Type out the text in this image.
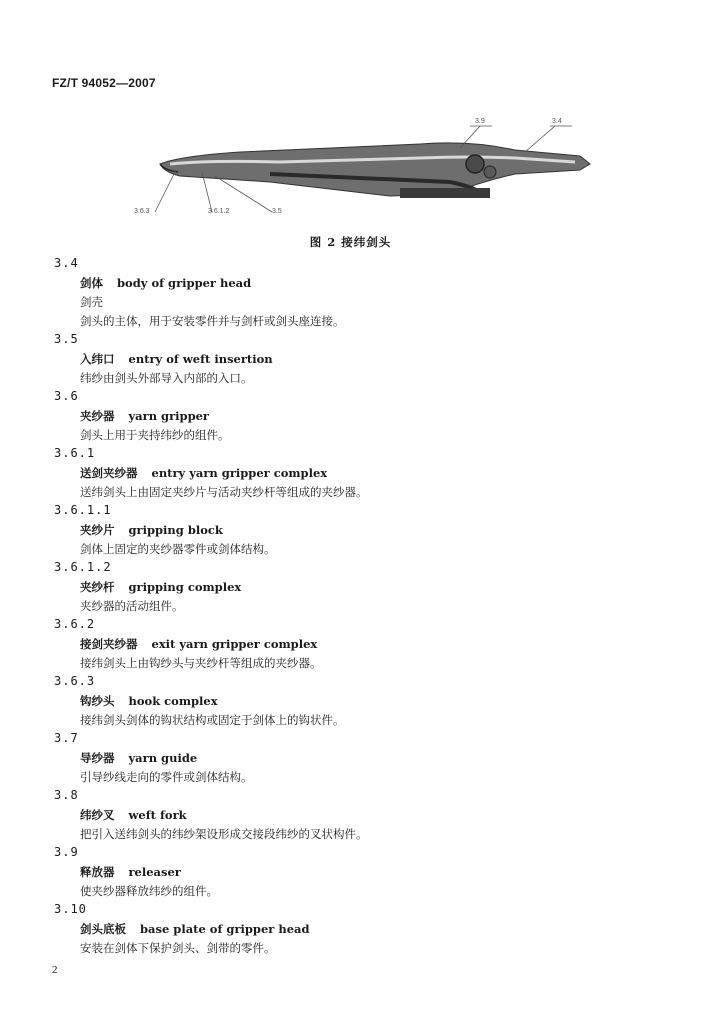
FZ/T 94052—2007
3.9	3.4
3.6.3	3.6.1.2	3.5
图 2 接纬剑头
3.4
剑体 body of gripper head
剑壳
剑头的主体，用于安装零件并与剑杆或剑头座连接。
3.5
入纬口 entry of weft insertion
纬纱由剑头外部导入内部的入口。
3.6
夹纱器 yarn gripper
剑头上用于夹持纬纱的组件。
3.6.1
送剑夹纱器 entry yarn gripper complex
送纬剑头上由固定夹纱片与活动夹纱杆等组成的夹纱器。
3.6.1.1
夹纱片 gripping block
剑体上固定的夹纱器零件或剑体结构。
3.6.1.2
夹纱杆 gripping complex
夹纱器的活动组件。
3.6.2
接剑夹纱器 exit yarn gripper complex
接纬剑头上由钩纱头与夹纱杆等组成的夹纱器。
3.6.3
钩纱头 hook complex
接纬剑头剑体的钩状结构或固定于剑体上的钩状件。
3.7
导纱器 yarn guide
引导纱线走向的零件或剑体结构。
3.8
纬纱叉 weft fork
把引入送纬剑头的纬纱架设形成交接段纬纱的叉状构件。
3.9
释放器 releaser
使夹纱器释放纬纱的组件。
3.10
剑头底板 base plate of gripper head
安装在剑体下保护剑头、剑带的零件。
2
